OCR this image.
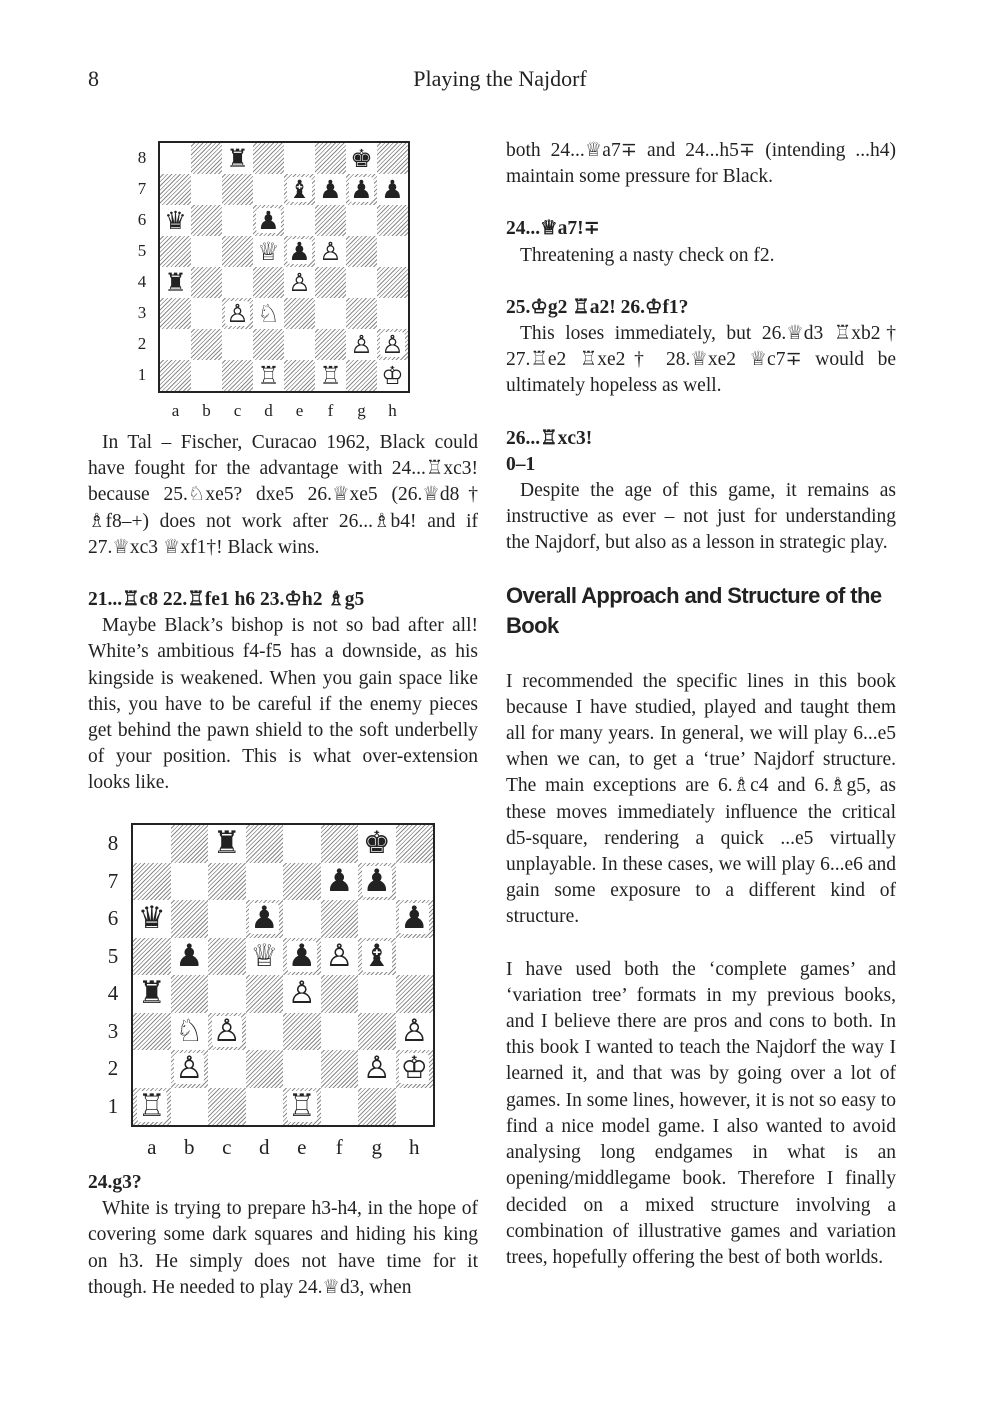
8	Playing the Najdorf
♜	♚
♝ ♟ ♟ ♟
♛	♟
♕ ♟ ♙
♜	♙
♙ ♘
♙ ♙
♖ ♖ ♔
8
7
6
5
4
3
2
1
a	b	c	d	e	f	g	h
♜	♚
♟ ♟
♛	♟	♟
♟ ♕ ♟ ♙ ♝
♜	♙
♘ ♙	♙
♙	♙ ♔
♖	♖
8
7
6
5
4
3
2
1
a	b	c	d	e	f	g	h

In Tal – Fischer, Curacao 1962, Black could have fought for the advantage with 24...♖xc3! because 25.♘xe5? dxe5 26.♕xe5 (26.♕d8† ♗f8–+) does not work after 26...♗b4! and if 27.♕xc3 ♕xf1†! Black wins.

21...♖c8 22.♖fe1 h6 23.♔h2 ♗g5

Maybe Black’s bishop is not so bad after all! White’s ambitious f4-f5 has a downside, as his kingside is weakened. When you gain space like this, you have to be careful if the enemy pieces get behind the pawn shield to the soft underbelly of your position. This is what over-extension looks like.

24.g3?

White is trying to prepare h3-h4, in the hope of covering some dark squares and hiding his king on h3. He simply does not have time for it though. He needed to play 24.♕d3, when

both 24...♕a7∓ and 24...h5∓ (intending ...h4) maintain some pressure for Black.

24...♕a7!∓

Threatening a nasty check on f2.

25.♔g2 ♖a2! 26.♔f1?

This loses immediately, but 26.♕d3 ♖xb2† 27.♖e2 ♖xe2† 28.♕xe2 ♕c7∓ would be ultimately hopeless as well.

26...♖xc3!

0–1

Despite the age of this game, it remains as instructive as ever – not just for understanding the Najdorf, but also as a lesson in strategic play.

Overall Approach and Structure of the Book

I recommended the specific lines in this book because I have studied, played and taught them all for many years. In general, we will play 6...e5 when we can, to get a ‘true’ Najdorf structure. The main exceptions are 6.♗c4 and 6.♗g5, as these moves immediately influence the critical d5-square, rendering a quick ...e5 virtually unplayable. In these cases, we will play 6...e6 and gain some exposure to a different kind of structure.

I have used both the ‘complete games’ and ‘variation tree’ formats in my previous books, and I believe there are pros and cons to both. In this book I wanted to teach the Najdorf the way I learned it, and that was by going over a lot of games. In some lines, however, it is not so easy to find a nice model game. I also wanted to avoid analysing long endgames in what is an opening/middlegame book. Therefore I finally decided on a mixed structure involving a combination of illustrative games and variation trees, hopefully offering the best of both worlds.
